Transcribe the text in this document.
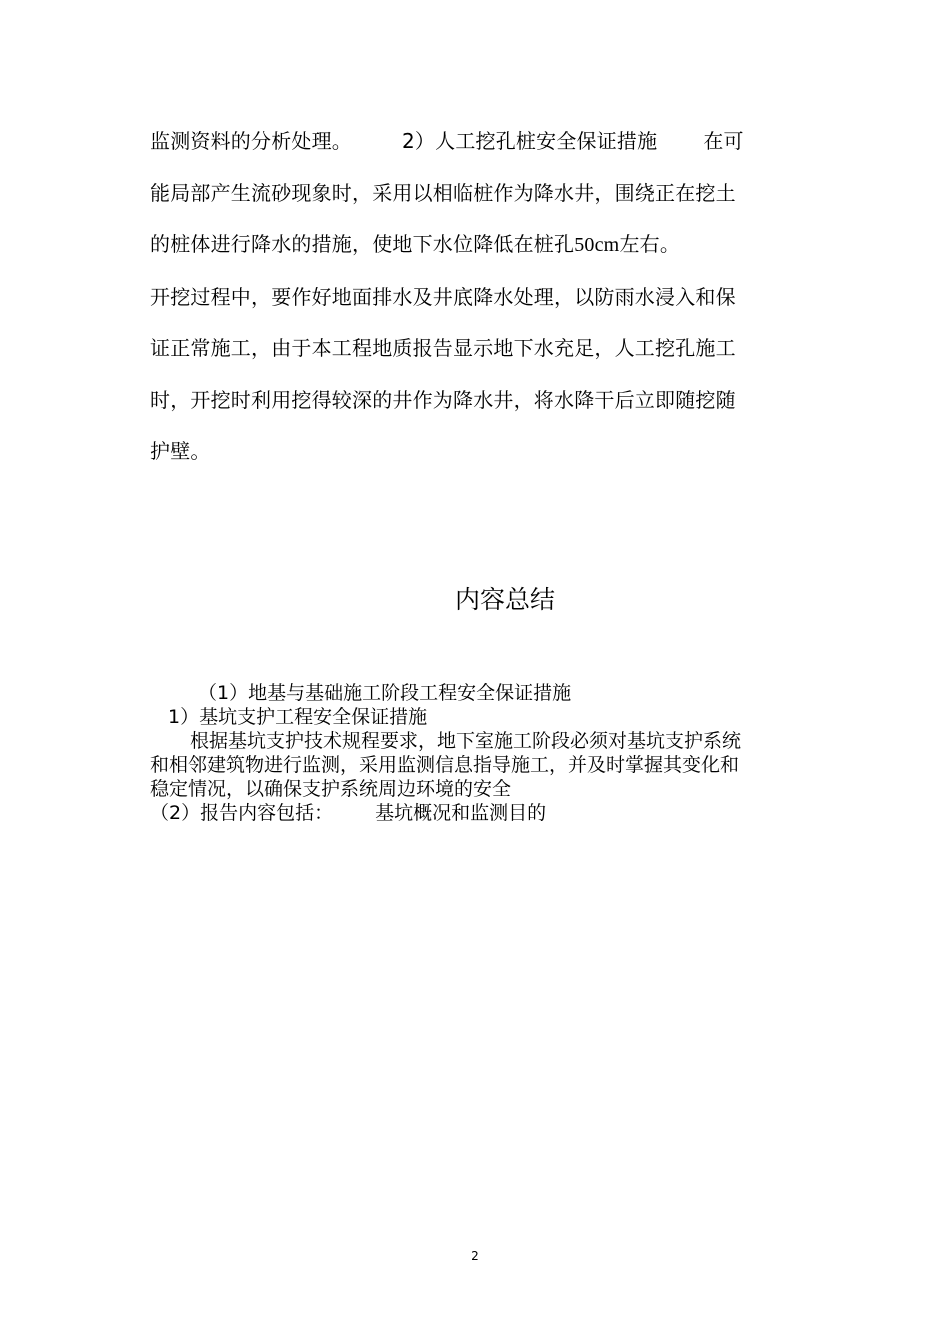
监测资料的分析处理。	2）人工挖孔桩安全保证措施 在可
能局部产生流砂现象时，采用以相临桩作为降水井，围绕正在挖土
的桩体进行降水的措施，使地下水位降低在桩孔50cm左右。
开挖过程中，要作好地面排水及井底降水处理，以防雨水浸入和保
证正常施工，由于本工程地质报告显示地下水充足，人工挖孔施工
时，开挖时利用挖得较深的井作为降水井，将水降干后立即随挖随
护壁。
内容总结
（1）地基与基础施工阶段工程安全保证措施
1）基坑支护工程安全保证措施
根据基坑支护技术规程要求，地下室施工阶段必须对基坑支护系统
和相邻建筑物进行监测，采用监测信息指导施工，并及时掌握其变化和
稳定情况，以确保支护系统周边环境的安全
（2）报告内容包括： 基坑概况和监测目的
2
